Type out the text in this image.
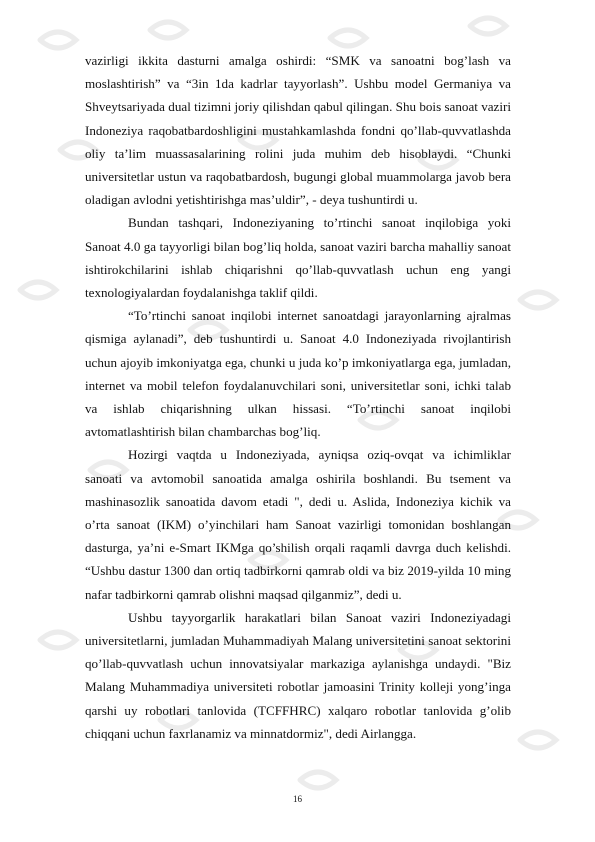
vazirligi ikkita dasturni amalga oshirdi: “SMK va sanoatni bog’lash va moslashtirish” va “3in 1da kadrlar tayyorlash”. Ushbu model Germaniya va Shveytsariyada dual tizimni joriy qilishdan qabul qilingan. Shu bois sanoat vaziri Indoneziya raqobatbardoshligini mustahkamlashda fondni qo’llab-quvvatlashda oliy ta’lim muassasalarining rolini juda muhim deb hisoblaydi. “Chunki universitetlar ustun va raqobatbardosh, bugungi global muammolarga javob bera oladigan avlodni yetishtirishga mas’uldir”, - deya tushuntirdi u.

Bundan tashqari, Indoneziyaning to’rtinchi sanoat inqilobiga yoki Sanoat 4.0 ga tayyorligi bilan bog’liq holda, sanoat vaziri barcha mahalliy sanoat ishtirokchilarini ishlab chiqarishni qo’llab-quvvatlash uchun eng yangi texnologiyalardan foydalanishga taklif qildi.

“To’rtinchi sanoat inqilobi internet sanoatdagi jarayonlarning ajralmas qismiga aylanadi”, deb tushuntirdi u. Sanoat 4.0 Indoneziyada rivojlantirish uchun ajoyib imkoniyatga ega, chunki u juda ko’p imkoniyatlarga ega, jumladan, internet va mobil telefon foydalanuvchilari soni, universitetlar soni, ichki talab va ishlab chiqarishning ulkan hissasi. “To’rtinchi sanoat inqilobi avtomatlashtirish bilan chambarchas bog’liq.

Hozirgi vaqtda u Indoneziyada, ayniqsa oziq-ovqat va ichimliklar sanoati va avtomobil sanoatida amalga oshirila boshlandi. Bu tsement va mashinasozlik sanoatida davom etadi ", dedi u. Aslida, Indoneziya kichik va o’rta sanoat (IKM) o’yinchilari ham Sanoat vazirligi tomonidan boshlangan dasturga, ya’ni e-Smart IKMga qo’shilish orqali raqamli davrga duch kelishdi. “Ushbu dastur 1300 dan ortiq tadbirkorni qamrab oldi va biz 2019-yilda 10 ming nafar tadbirkorni qamrab olishni maqsad qilganmiz”, dedi u.

Ushbu tayyorgarlik harakatlari bilan Sanoat vaziri Indoneziyadagi universitetlarni, jumladan Muhammadiyah Malang universitetini sanoat sektorini qo’llab-quvvatlash uchun innovatsiyalar markaziga aylanishga undaydi. "Biz Malang Muhammadiya universiteti robotlar jamoasini Trinity kolleji yong’inga qarshi uy robotlari tanlovida (TCFFHRC) xalqaro robotlar tanlovida g’olib chiqqani uchun faxrlanamiz va minnatdormiz", dedi Airlangga.

16
